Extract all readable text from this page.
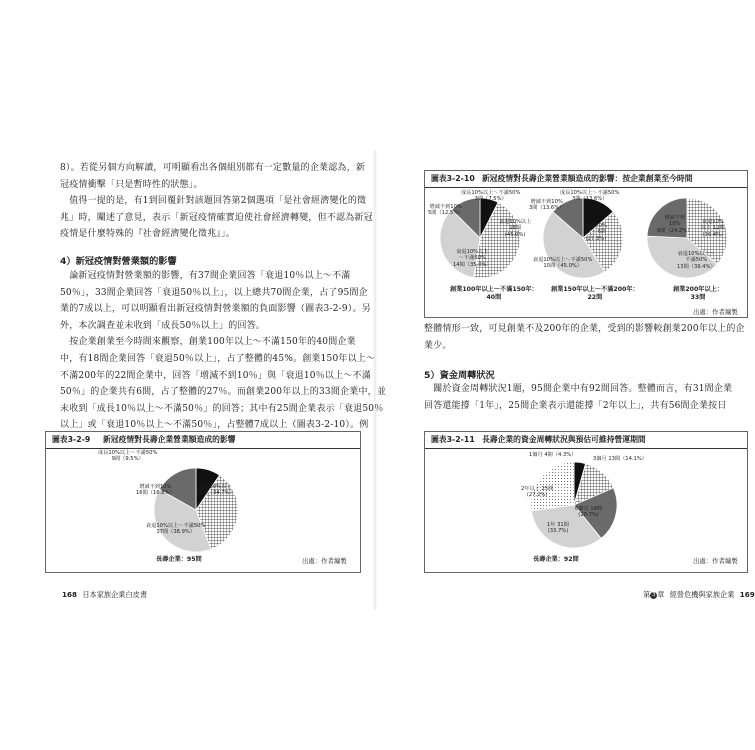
8）。若從另個方向解讀，可明顯看出各個組別都有一定數量的企業認為，新
冠疫情衝擊「只是暫時性的狀態」。
　值得一提的是，有1到回覆針對該題回答第2個選項「是社會經濟變化的徵
兆」時，闡述了意見，表示「新冠疫情確實迫使社會經濟轉變，但不認為新冠
疫情是什麼特殊的『社會經濟變化徵兆』」。
4）新冠疫情對營業額的影響
　論新冠疫情對營業額的影響，有37間企業回答「衰退10％以上～不滿
50％」，33間企業回答「衰退50％以上」，以上總共70間企業，占了95間企
業的7成以上，可以明顯看出新冠疫情對營業額的負面影響（圖表3-2-9）。另
外，本次調查並未收到「成長50％以上」的回答。
　按企業創業至今時間來觀察，創業100年以上～不滿150年的40間企業
中，有18間企業回答「衰退50％以上」，占了整體的45%。創業150年以上～
不滿200年的22間企業中，回答「增減不到10％」與「衰退10％以上～不滿
50％」的企業共有6間，占了整體的27％。而創業200年以上的33間企業中，並
未收到「成長10％以上～不滿50％」的回答；其中有25間企業表示「衰退50％
以上」或「衰退10％以上～不滿50％」，占整體7成以上（圖表3-2-10）。例
圖表3-2-9 新冠疫情對長壽企業營業額造成的影響
成長10%以上～不滿50%
9間（9.5%）
衰退50%以上
33間（34.7%）
衰退10%以上～不滿50%
37間（38.9%）
增減不到10%
16間（16.8%）
長壽企業：95間	出處：作者編製
168 日本家族企業白皮書
圖表3-2-10 新冠疫情對長壽企業營業額造成的影響：按企業創業至今時間
成長10%以上～不滿50%
3間（7.5%）
衰退50%以上
18間
(45.0%)
衰退10%以上
～不滿50%
14間（35.0%）
增減不到10%
5間（12.5%）
創業100年以上～不滿150年：
40間
成長10%以上～不滿50%
3間（13.6%）
增減不到10%
3間（13.6%）
衰退50%
以上 6間
(27.3%)
衰退10%以上～不滿50%
10間（45.0%）
創業150年以上～不滿200年：
22間
增減不到
10%
8間（24.2%）
衰退50%
以上 12間
(36.4%)
衰退10%以上～
不滿50%
13間（39.4%）
創業200年以上：
33間
出處：作者編製
整體情形一致，可見創業不及200年的企業，受到的影響較創業200年以上的企
業少。
5）資金周轉狀況
　關於資金周轉狀況1題，95間企業中有92間回答。整體而言，有31間企業
回答還能撐「1年」，25間企業表示還能撐「2年以上」，共有56間企業按日
圖表3-2-11 長壽企業的資金周轉狀況與預估可維持營運期間
1個月 4間（4.3%）
3個月 13間（14.1%）
6個月 19間
(20.7%)
1年 31間
(33.7%)
2年以上 25間
(27.2%)
長壽企業：92間	出處：作者編製
第 3 章 經營危機與家族企業 169
